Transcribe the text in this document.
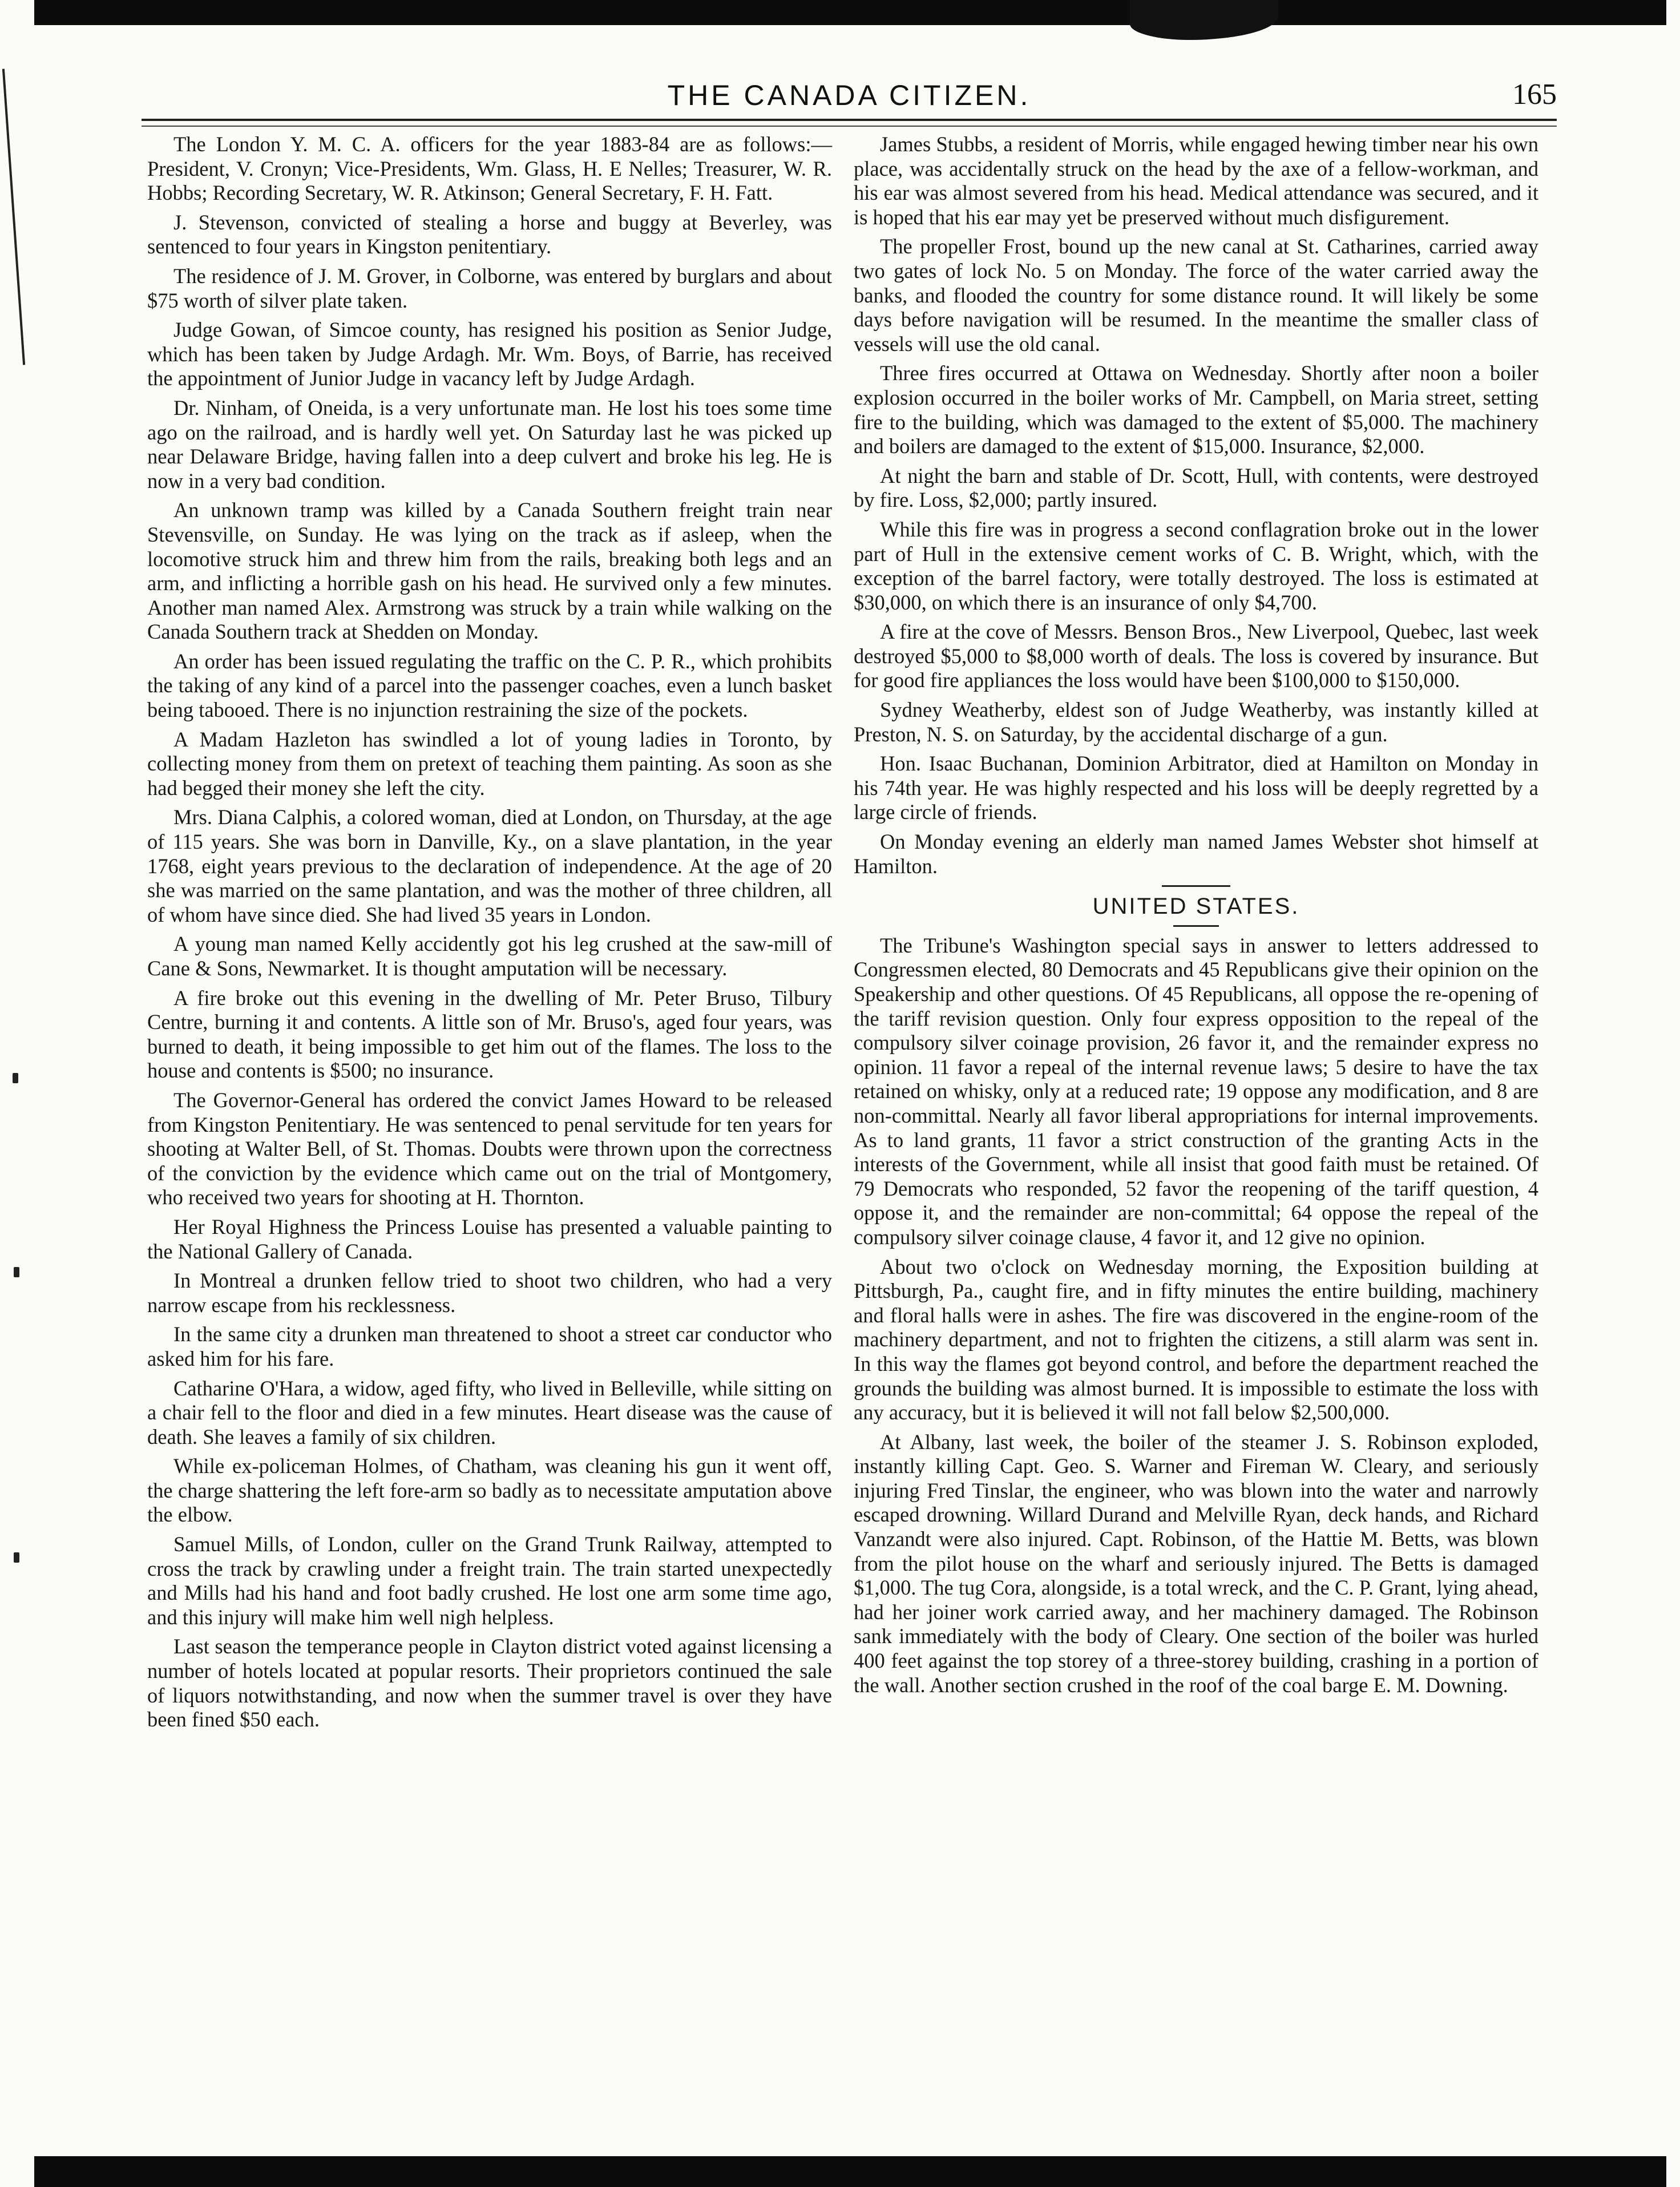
THE CANADA CITIZEN.	165

The London Y. M. C. A. officers for the year 1883-84 are as follows:—President, V. Cronyn; Vice-Presidents, Wm. Glass, H. E Nelles; Treasurer, W. R. Hobbs; Recording Secretary, W. R. Atkinson; General Secretary, F. H. Fatt.

J. Stevenson, convicted of stealing a horse and buggy at Beverley, was sentenced to four years in Kingston penitentiary.

The residence of J. M. Grover, in Colborne, was entered by burglars and about $75 worth of silver plate taken.

Judge Gowan, of Simcoe county, has resigned his position as Senior Judge, which has been taken by Judge Ardagh. Mr. Wm. Boys, of Barrie, has received the appointment of Junior Judge in vacancy left by Judge Ardagh.

Dr. Ninham, of Oneida, is a very unfortunate man. He lost his toes some time ago on the railroad, and is hardly well yet. On Saturday last he was picked up near Delaware Bridge, having fallen into a deep culvert and broke his leg. He is now in a very bad condition.

An unknown tramp was killed by a Canada Southern freight train near Stevensville, on Sunday. He was lying on the track as if asleep, when the locomotive struck him and threw him from the rails, breaking both legs and an arm, and inflicting a horrible gash on his head. He survived only a few minutes. Another man named Alex. Armstrong was struck by a train while walking on the Canada Southern track at Shedden on Monday.

An order has been issued regulating the traffic on the C. P. R., which prohibits the taking of any kind of a parcel into the passenger coaches, even a lunch basket being tabooed. There is no injunction restraining the size of the pockets.

A Madam Hazleton has swindled a lot of young ladies in Toronto, by collecting money from them on pretext of teaching them painting. As soon as she had begged their money she left the city.

Mrs. Diana Calphis, a colored woman, died at London, on Thursday, at the age of 115 years. She was born in Danville, Ky., on a slave plantation, in the year 1768, eight years previous to the declaration of independence. At the age of 20 she was married on the same plantation, and was the mother of three children, all of whom have since died. She had lived 35 years in London.

A young man named Kelly accidently got his leg crushed at the saw-mill of Cane & Sons, Newmarket. It is thought amputation will be necessary.

A fire broke out this evening in the dwelling of Mr. Peter Bruso, Tilbury Centre, burning it and contents. A little son of Mr. Bruso's, aged four years, was burned to death, it being impossible to get him out of the flames. The loss to the house and contents is $500; no insurance.

The Governor-General has ordered the convict James Howard to be released from Kingston Penitentiary. He was sentenced to penal servitude for ten years for shooting at Walter Bell, of St. Thomas. Doubts were thrown upon the correctness of the conviction by the evidence which came out on the trial of Montgomery, who received two years for shooting at H. Thornton.

Her Royal Highness the Princess Louise has presented a valuable painting to the National Gallery of Canada.

In Montreal a drunken fellow tried to shoot two children, who had a very narrow escape from his recklessness.

In the same city a drunken man threatened to shoot a street car conductor who asked him for his fare.

Catharine O'Hara, a widow, aged fifty, who lived in Belleville, while sitting on a chair fell to the floor and died in a few minutes. Heart disease was the cause of death. She leaves a family of six children.

While ex-policeman Holmes, of Chatham, was cleaning his gun it went off, the charge shattering the left fore-arm so badly as to necessitate amputation above the elbow.

Samuel Mills, of London, culler on the Grand Trunk Railway, attempted to cross the track by crawling under a freight train. The train started unexpectedly and Mills had his hand and foot badly crushed. He lost one arm some time ago, and this injury will make him well nigh helpless.

Last season the temperance people in Clayton district voted against licensing a number of hotels located at popular resorts. Their proprietors continued the sale of liquors notwithstanding, and now when the summer travel is over they have been fined $50 each.

James Stubbs, a resident of Morris, while engaged hewing timber near his own place, was accidentally struck on the head by the axe of a fellow-workman, and his ear was almost severed from his head. Medical attendance was secured, and it is hoped that his ear may yet be preserved without much disfigurement.

The propeller Frost, bound up the new canal at St. Catharines, carried away two gates of lock No. 5 on Monday. The force of the water carried away the banks, and flooded the country for some distance round. It will likely be some days before navigation will be resumed. In the meantime the smaller class of vessels will use the old canal.

Three fires occurred at Ottawa on Wednesday. Shortly after noon a boiler explosion occurred in the boiler works of Mr. Campbell, on Maria street, setting fire to the building, which was damaged to the extent of $5,000. The machinery and boilers are damaged to the extent of $15,000. Insurance, $2,000.

At night the barn and stable of Dr. Scott, Hull, with contents, were destroyed by fire. Loss, $2,000; partly insured.

While this fire was in progress a second conflagration broke out in the lower part of Hull in the extensive cement works of C. B. Wright, which, with the exception of the barrel factory, were totally destroyed. The loss is estimated at $30,000, on which there is an insurance of only $4,700.

A fire at the cove of Messrs. Benson Bros., New Liverpool, Quebec, last week destroyed $5,000 to $8,000 worth of deals. The loss is covered by insurance. But for good fire appliances the loss would have been $100,000 to $150,000.

Sydney Weatherby, eldest son of Judge Weatherby, was instantly killed at Preston, N. S. on Saturday, by the accidental discharge of a gun.

Hon. Isaac Buchanan, Dominion Arbitrator, died at Hamilton on Monday in his 74th year. He was highly respected and his loss will be deeply regretted by a large circle of friends.

On Monday evening an elderly man named James Webster shot himself at Hamilton.

UNITED STATES.

The Tribune's Washington special says in answer to letters addressed to Congressmen elected, 80 Democrats and 45 Republicans give their opinion on the Speakership and other questions. Of 45 Republicans, all oppose the re-opening of the tariff revision question. Only four express opposition to the repeal of the compulsory silver coinage provision, 26 favor it, and the remainder express no opinion. 11 favor a repeal of the internal revenue laws; 5 desire to have the tax retained on whisky, only at a reduced rate; 19 oppose any modification, and 8 are non-committal. Nearly all favor liberal appropriations for internal improvements. As to land grants, 11 favor a strict construction of the granting Acts in the interests of the Government, while all insist that good faith must be retained. Of 79 Democrats who responded, 52 favor the reopening of the tariff question, 4 oppose it, and the remainder are non-committal; 64 oppose the repeal of the compulsory silver coinage clause, 4 favor it, and 12 give no opinion.

About two o'clock on Wednesday morning, the Exposition building at Pittsburgh, Pa., caught fire, and in fifty minutes the entire building, machinery and floral halls were in ashes. The fire was discovered in the engine-room of the machinery department, and not to frighten the citizens, a still alarm was sent in. In this way the flames got beyond control, and before the department reached the grounds the building was almost burned. It is impossible to estimate the loss with any accuracy, but it is believed it will not fall below $2,500,000.

At Albany, last week, the boiler of the steamer J. S. Robinson exploded, instantly killing Capt. Geo. S. Warner and Fireman W. Cleary, and seriously injuring Fred Tinslar, the engineer, who was blown into the water and narrowly escaped drowning. Willard Durand and Melville Ryan, deck hands, and Richard Vanzandt were also injured. Capt. Robinson, of the Hattie M. Betts, was blown from the pilot house on the wharf and seriously injured. The Betts is damaged $1,000. The tug Cora, alongside, is a total wreck, and the C. P. Grant, lying ahead, had her joiner work carried away, and her machinery damaged. The Robinson sank immediately with the body of Cleary. One section of the boiler was hurled 400 feet against the top storey of a three-storey building, crashing in a portion of the wall. Another section crushed in the roof of the coal barge E. M. Downing.
